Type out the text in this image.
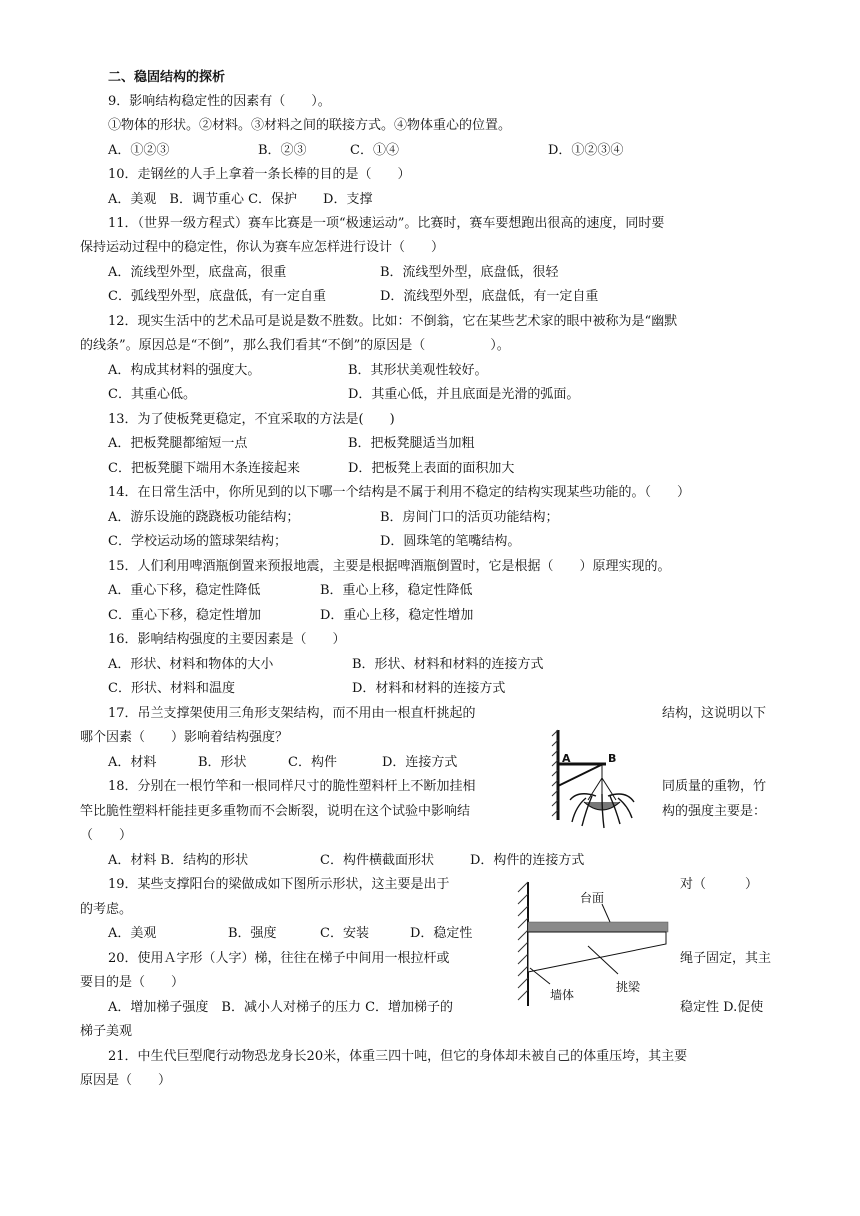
二、稳固结构的探析
9．影响结构稳定性的因素有（　　）。
①物体的形状。②材料。③材料之间的联接方式。④物体重心的位置。
A．①②③	B．②③	C．①④	D．①②③④
10．走钢丝的人手上拿着一条长棒的目的是（　　）
A．美观　B．调节重心 C．保护　　D．支撑
11．（世界一级方程式）赛车比赛是一项“极速运动”。比赛时，赛车要想跑出很高的速度，同时要
保持运动过程中的稳定性，你认为赛车应怎样进行设计（　　）
A．流线型外型，底盘高，很重	B．流线型外型，底盘低，很轻
C．弧线型外型，底盘低，有一定自重	D．流线型外型，底盘低，有一定自重
12．现实生活中的艺术品可是说是数不胜数。比如：不倒翁，它在某些艺术家的眼中被称为是“幽默
的线条”。原因总是“不倒”，那么我们看其“不倒”的原因是（　　　　　）。
A．构成其材料的强度大。	B．其形状美观性较好。
C．其重心低。	D．其重心低，并且底面是光滑的弧面。
13．为了使板凳更稳定，不宜采取的方法是(　　)
A．把板凳腿都缩短一点	B．把板凳腿适当加粗
C．把板凳腿下端用木条连接起来	D．把板凳上表面的面积加大
14．在日常生活中，你所见到的以下哪一个结构是不属于利用不稳定的结构实现某些功能的。（　　）
A．游乐设施的跷跷板功能结构；	B．房间门口的活页功能结构；
C．学校运动场的篮球架结构；	D．圆珠笔的笔嘴结构。
15．人们利用啤酒瓶倒置来预报地震，主要是根据啤酒瓶倒置时，它是根据（　　）原理实现的。
A．重心下移，稳定性降低	B．重心上移，稳定性降低
C．重心下移，稳定性增加	D．重心上移，稳定性增加
16．影响结构强度的主要因素是（　　）
A．形状、材料和物体的大小	B．形状、材料和材料的连接方式
C．形状、材料和温度	D．材料和材料的连接方式
17．吊兰支撑架使用三角形支架结构，而不用由一根直杆挑起的	结构，这说明以下
哪个因素（　　）影响着结构强度？
A．材料	B．形状	C．构件	D．连接方式
18．分别在一根竹竿和一根同样尺寸的脆性塑料杆上不断加挂相	同质量的重物，竹
竿比脆性塑料杆能挂更多重物而不会断裂，说明在这个试验中影响结	构的强度主要是：
（　　）
A．材料 B．结构的形状	C．构件横截面形状	D．构件的连接方式
19．某些支撑阳台的梁做成如下图所示形状，这主要是出于	对（　　　）
的考虑。
A．美观	B．强度	C．安装	D．稳定性
20．使用Ａ字形（人字）梯，往往在梯子中间用一根拉杆或	绳子固定，其主
要目的是（　　）
A．增加梯子强度　B．减小人对梯子的压力 C．增加梯子的	稳定性 D.促使
梯子美观
21．中生代巨型爬行动物恐龙身长20米，体重三四十吨，但它的身体却未被自己的体重压垮，其主要
原因是（　　）
A	B
台面
墙体
挑梁
